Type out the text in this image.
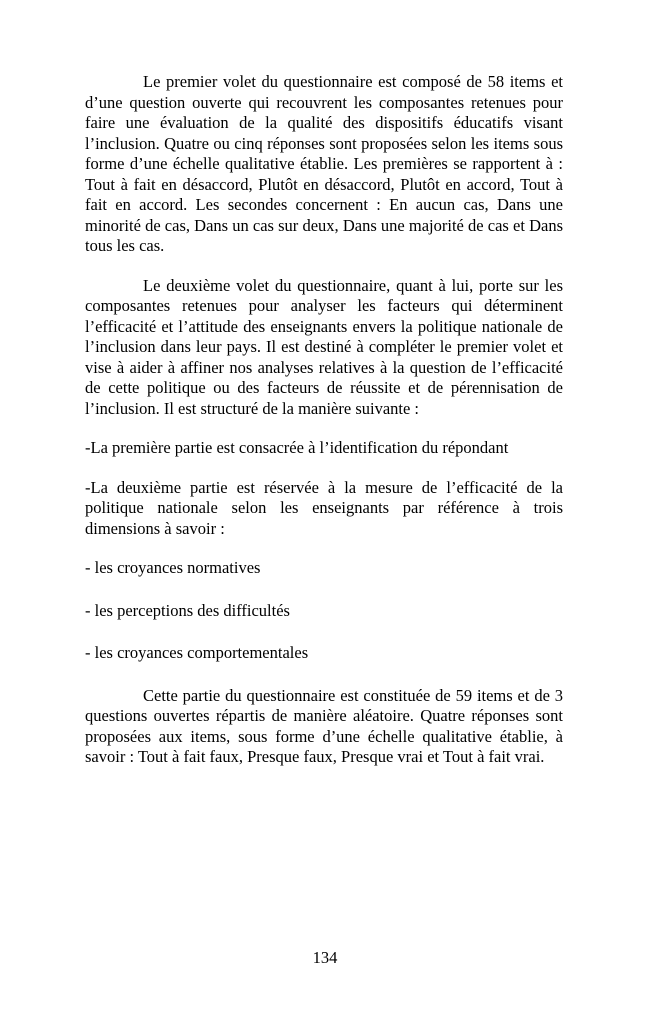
Le premier volet du questionnaire est composé de 58 items et d’une question ouverte qui recouvrent les composantes retenues pour faire une évaluation de la qualité des dispositifs éducatifs visant l’inclusion. Quatre ou cinq réponses sont proposées selon les items sous forme d’une échelle qualitative établie. Les premières se rapportent à : Tout à fait en désaccord, Plutôt en désaccord, Plutôt en accord, Tout à fait en accord. Les secondes concernent : En aucun cas, Dans une minorité de cas, Dans un cas sur deux, Dans une majorité de cas et Dans tous les cas.

Le deuxième volet du questionnaire, quant à lui, porte sur les composantes retenues pour analyser les facteurs qui déterminent l’efficacité et l’attitude des enseignants envers la politique nationale de l’inclusion dans leur pays. Il est destiné à compléter le premier volet et vise à aider à affiner nos analyses relatives à la question de l’efficacité de cette politique ou des facteurs de réussite et de pérennisation de l’inclusion. Il est structuré de la manière suivante :

-La première partie est consacrée à l’identification du répondant

-La deuxième partie est réservée à la mesure de l’efficacité de la politique nationale selon les enseignants par référence à trois dimensions à savoir :

- les croyances normatives

- les perceptions des difficultés

- les croyances comportementales

Cette partie du questionnaire est constituée de 59 items et de 3 questions ouvertes répartis de manière aléatoire. Quatre réponses sont proposées aux items, sous forme d’une échelle qualitative établie, à savoir : Tout à fait faux, Presque faux, Presque vrai et Tout à fait vrai.

134
